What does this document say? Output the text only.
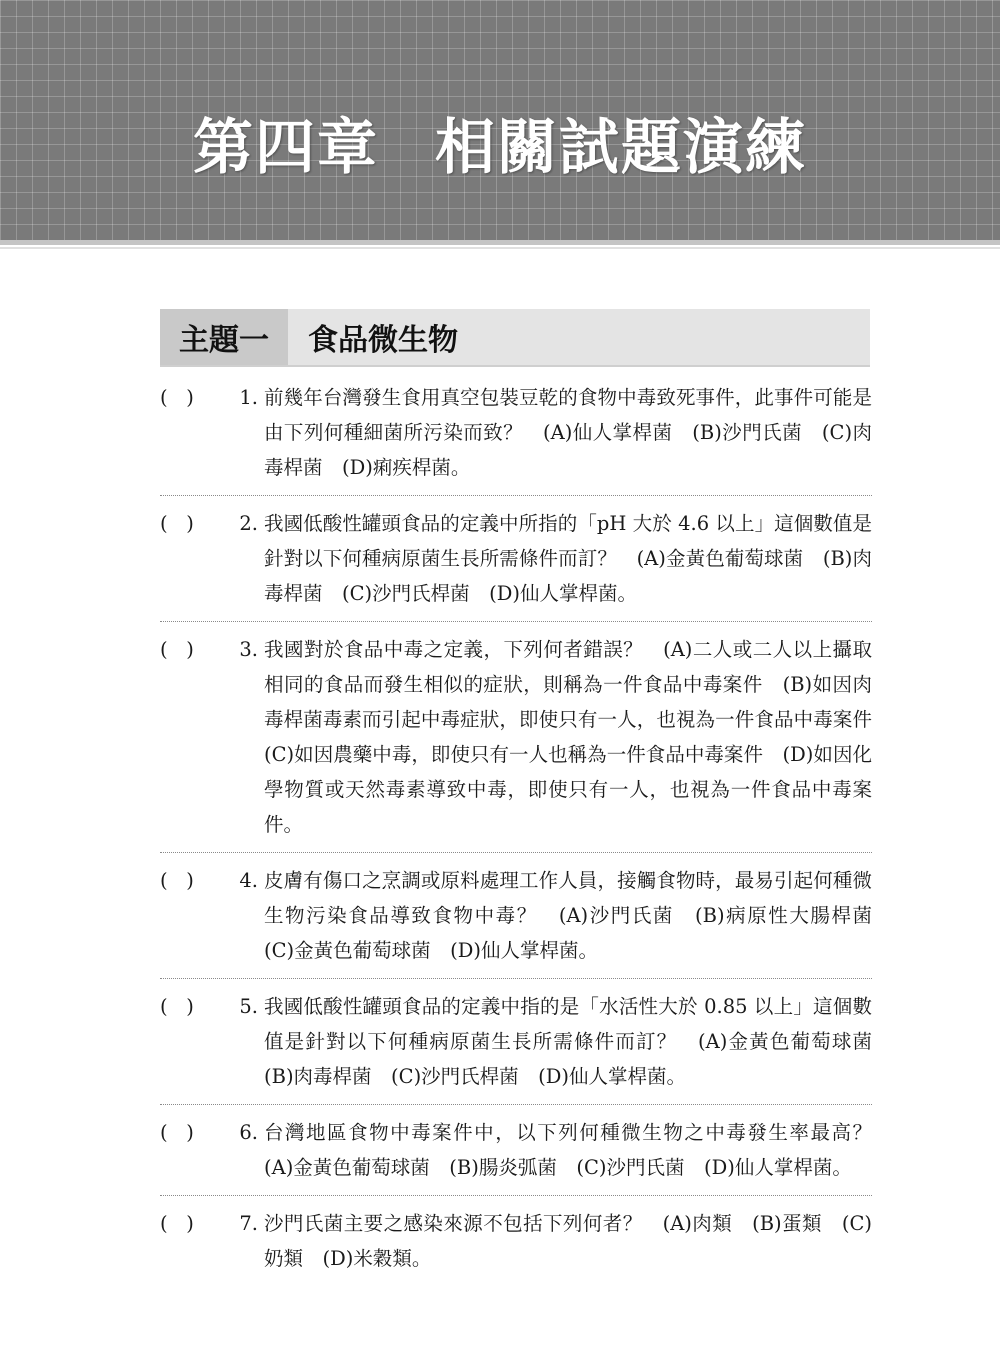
第四章 相關試題演練
主題一	食品微生物
(   )	1. 前幾年台灣發生食用真空包裝豆乾的食物中毒致死事件，此事件可能是由下列何種細菌所污染而致？　(A)仙人掌桿菌　(B)沙門氏菌　(C)肉毒桿菌　(D)痢疾桿菌。
(   )	2. 我國低酸性罐頭食品的定義中所指的「pH 大於 4.6 以上」這個數值是針對以下何種病原菌生長所需條件而訂？　(A)金黃色葡萄球菌　(B)肉毒桿菌　(C)沙門氏桿菌　(D)仙人掌桿菌。
(   )	3. 我國對於食品中毒之定義，下列何者錯誤？　(A)二人或二人以上攝取相同的食品而發生相似的症狀，則稱為一件食品中毒案件　(B)如因肉毒桿菌毒素而引起中毒症狀，即使只有一人，也視為一件食品中毒案件　(C)如因農藥中毒，即使只有一人也稱為一件食品中毒案件　(D)如因化學物質或天然毒素導致中毒，即使只有一人，也視為一件食品中毒案件。
(   )	4. 皮膚有傷口之烹調或原料處理工作人員，接觸食物時，最易引起何種微生物污染食品導致食物中毒？　(A)沙門氏菌　(B)病原性大腸桿菌　(C)金黃色葡萄球菌　(D)仙人掌桿菌。
(   )	5. 我國低酸性罐頭食品的定義中指的是「水活性大於 0.85 以上」這個數值是針對以下何種病原菌生長所需條件而訂？　(A)金黃色葡萄球菌　(B)肉毒桿菌　(C)沙門氏桿菌　(D)仙人掌桿菌。
(   )	6. 台灣地區食物中毒案件中，以下列何種微生物之中毒發生率最高？　(A)金黃色葡萄球菌　(B)腸炎弧菌　(C)沙門氏菌　(D)仙人掌桿菌。
(   )	7. 沙門氏菌主要之感染來源不包括下列何者？　(A)肉類　(B)蛋類　(C)奶類　(D)米穀類。
